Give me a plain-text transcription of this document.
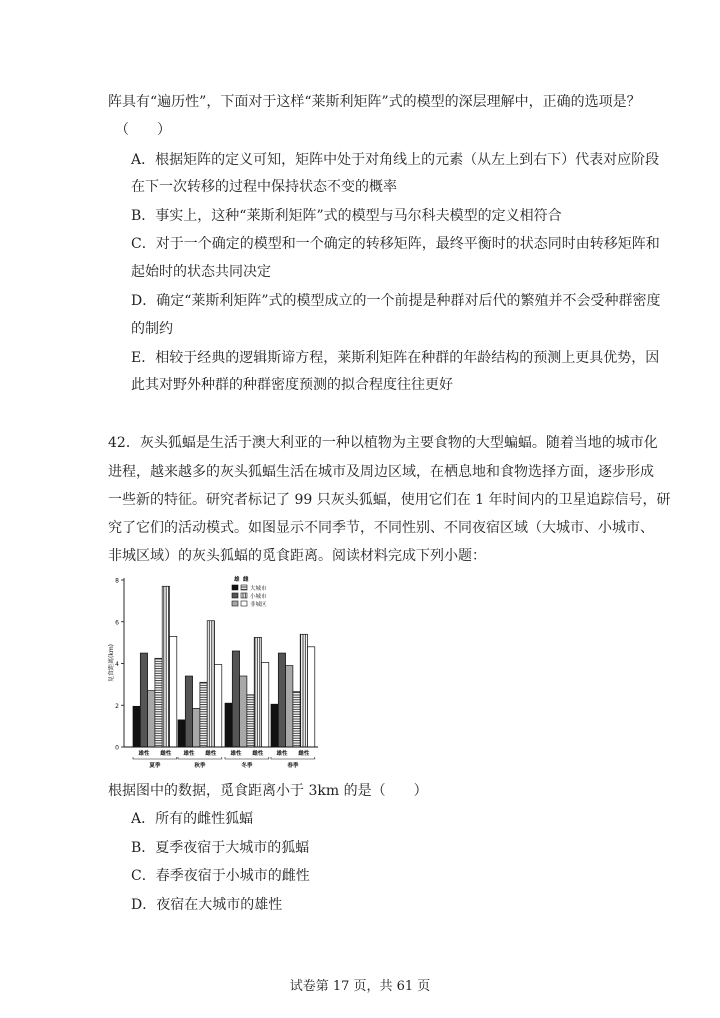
阵具有“遍历性”，下面对于这样“莱斯利矩阵”式的模型的深层理解中，正确的选项是？
（　　）
A．根据矩阵的定义可知，矩阵中处于对角线上的元素（从左上到右下）代表对应阶段
在下一次转移的过程中保持状态不变的概率
B．事实上，这种“莱斯利矩阵”式的模型与马尔科夫模型的定义相符合
C．对于一个确定的模型和一个确定的转移矩阵，最终平衡时的状态同时由转移矩阵和
起始时的状态共同决定
D．确定“莱斯利矩阵”式的模型成立的一个前提是种群对后代的繁殖并不会受种群密度
的制约
E．相较于经典的逻辑斯谛方程，莱斯利矩阵在种群的年龄结构的预测上更具优势，因
此其对野外种群的种群密度预测的拟合程度往往更好
42．灰头狐蝠是生活于澳大利亚的一种以植物为主要食物的大型蝙蝠。随着当地的城市化
进程，越来越多的灰头狐蝠生活在城市及周边区域，在栖息地和食物选择方面，逐步形成
一些新的特征。研究者标记了 99 只灰头狐蝠，使用它们在 1 年时间内的卫星追踪信号，研
究了它们的活动模式。如图显示不同季节，不同性别、不同夜宿区域（大城市、小城市、
非城区域）的灰头狐蝠的觅食距离。阅读材料完成下列小题：
0
2
4
6
8
觅食距离(km)
雄性 雌性
夏季
雄性 雌性
秋季
雄性 雌性
冬季
雄性 雌性
春季
雄 雌
大城市
小城市
非城区
根据图中的数据，觅食距离小于 3km 的是（　　）
A．所有的雌性狐蝠
B．夏季夜宿于大城市的狐蝠
C．春季夜宿于小城市的雌性
D．夜宿在大城市的雄性
试卷第 17 页，共 61 页
